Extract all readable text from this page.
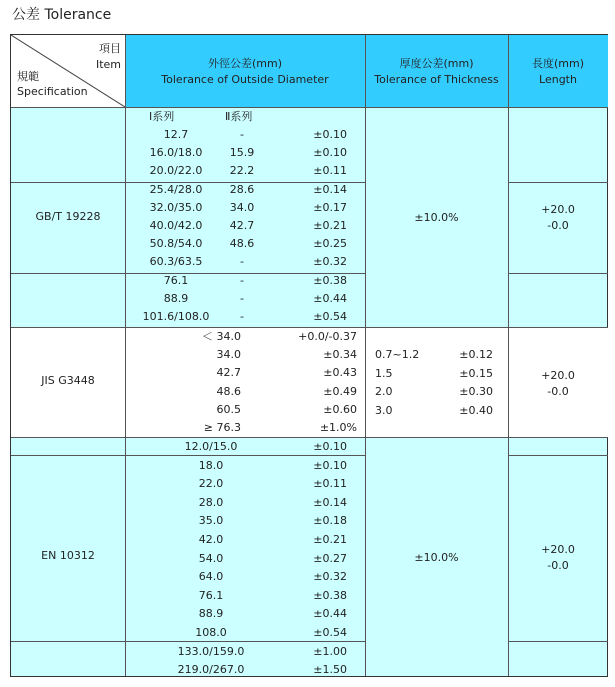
公差 Tolerance
項目
Item
規範
Specification
外徑公差(mm)
Tolerance of Outside Diameter
厚度公差(mm)
Tolerance of Thickness
長度(mm)
Length
GB/T 19228
Ⅰ系列	Ⅱ系列
12.7	-	±0.10
16.0/18.0	15.9	±0.10
20.0/22.0	22.2	±0.11
25.4/28.0	28.6	±0.14
32.0/35.0	34.0	±0.17
40.0/42.0	42.7	±0.21
50.8/54.0	48.6	±0.25
60.3/63.5	-	±0.32
76.1	-	±0.38
88.9	-	±0.44
101.6/108.0	-	±0.54
±10.0%
+20.0
-0.0
JIS G3448
＜ 34.0	+0.0/-0.37
34.0	±0.34
42.7	±0.43
48.6	±0.49
60.5	±0.60
≥ 76.3	±1.0%
0.7~1.2	±0.12
1.5	±0.15
2.0	±0.30
3.0	±0.40
+20.0
-0.0
EN 10312
12.0/15.0	±0.10
18.0	±0.10
22.0	±0.11
28.0	±0.14
35.0	±0.18
42.0	±0.21
54.0	±0.27
64.0	±0.32
76.1	±0.38
88.9	±0.44
108.0	±0.54
133.0/159.0	±1.00
219.0/267.0	±1.50
±10.0%
+20.0
-0.0
